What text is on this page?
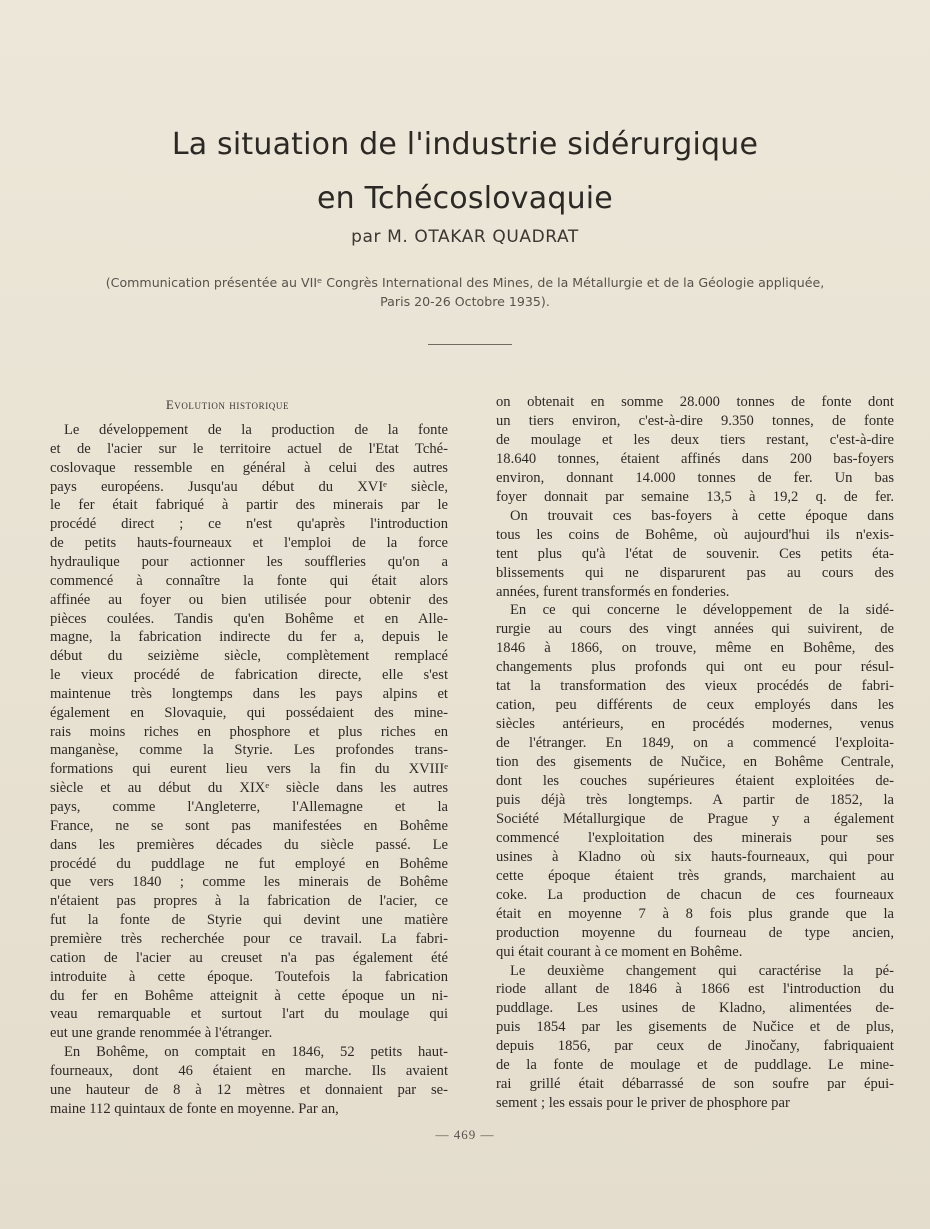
La situation de l'industrie sidérurgique
en Tchécoslovaquie
par M. OTAKAR QUADRAT
(Communication présentée au VIIᵉ Congrès International des Mines, de la Métallurgie et de la Géologie appliquée,
Paris 20-26 Octobre 1935).
Evolution historique
Le développement de la production de la fonte
et de l'acier sur le territoire actuel de l'Etat Tché-
coslovaque ressemble en général à celui des autres
pays européens. Jusqu'au début du XVIᵉ siècle,
le fer était fabriqué à partir des minerais par le
procédé direct ; ce n'est qu'après l'introduction
de petits hauts-fourneaux et l'emploi de la force
hydraulique pour actionner les souffleries qu'on a
commencé à connaître la fonte qui était alors
affinée au foyer ou bien utilisée pour obtenir des
pièces coulées. Tandis qu'en Bohême et en Alle-
magne, la fabrication indirecte du fer a, depuis le
début du seizième siècle, complètement remplacé
le vieux procédé de fabrication directe, elle s'est
maintenue très longtemps dans les pays alpins et
également en Slovaquie, qui possédaient des mine-
rais moins riches en phosphore et plus riches en
manganèse, comme la Styrie. Les profondes trans-
formations qui eurent lieu vers la fin du XVIIIᵉ
siècle et au début du XIXᵉ siècle dans les autres
pays, comme l'Angleterre, l'Allemagne et la
France, ne se sont pas manifestées en Bohême
dans les premières décades du siècle passé. Le
procédé du puddlage ne fut employé en Bohême
que vers 1840 ; comme les minerais de Bohême
n'étaient pas propres à la fabrication de l'acier, ce
fut la fonte de Styrie qui devint une matière
première très recherchée pour ce travail. La fabri-
cation de l'acier au creuset n'a pas également été
introduite à cette époque. Toutefois la fabrication
du fer en Bohême atteignit à cette époque un ni-
veau remarquable et surtout l'art du moulage qui
eut une grande renommée à l'étranger.
En Bohême, on comptait en 1846, 52 petits haut-
fourneaux, dont 46 étaient en marche. Ils avaient
une hauteur de 8 à 12 mètres et donnaient par se-
maine 112 quintaux de fonte en moyenne. Par an,
on obtenait en somme 28.000 tonnes de fonte dont
un tiers environ, c'est-à-dire 9.350 tonnes, de fonte
de moulage et les deux tiers restant, c'est-à-dire
18.640 tonnes, étaient affinés dans 200 bas-foyers
environ, donnant 14.000 tonnes de fer. Un bas
foyer donnait par semaine 13,5 à 19,2 q. de fer.
On trouvait ces bas-foyers à cette époque dans
tous les coins de Bohême, où aujourd'hui ils n'exis-
tent plus qu'à l'état de souvenir. Ces petits éta-
blissements qui ne disparurent pas au cours des
années, furent transformés en fonderies.
En ce qui concerne le développement de la sidé-
rurgie au cours des vingt années qui suivirent, de
1846 à 1866, on trouve, même en Bohême, des
changements plus profonds qui ont eu pour résul-
tat la transformation des vieux procédés de fabri-
cation, peu différents de ceux employés dans les
siècles antérieurs, en procédés modernes, venus
de l'étranger. En 1849, on a commencé l'exploita-
tion des gisements de Nučice, en Bohême Centrale,
dont les couches supérieures étaient exploitées de-
puis déjà très longtemps. A partir de 1852, la
Société Métallurgique de Prague y a également
commencé l'exploitation des minerais pour ses
usines à Kladno où six hauts-fourneaux, qui pour
cette époque étaient très grands, marchaient au
coke. La production de chacun de ces fourneaux
était en moyenne 7 à 8 fois plus grande que la
production moyenne du fourneau de type ancien,
qui était courant à ce moment en Bohême.
Le deuxième changement qui caractérise la pé-
riode allant de 1846 à 1866 est l'introduction du
puddlage. Les usines de Kladno, alimentées de-
puis 1854 par les gisements de Nučice et de plus,
depuis 1856, par ceux de Jinočany, fabriquaient
de la fonte de moulage et de puddlage. Le mine-
rai grillé était débarrassé de son soufre par épui-
sement ; les essais pour le priver de phosphore par
— 469 —
